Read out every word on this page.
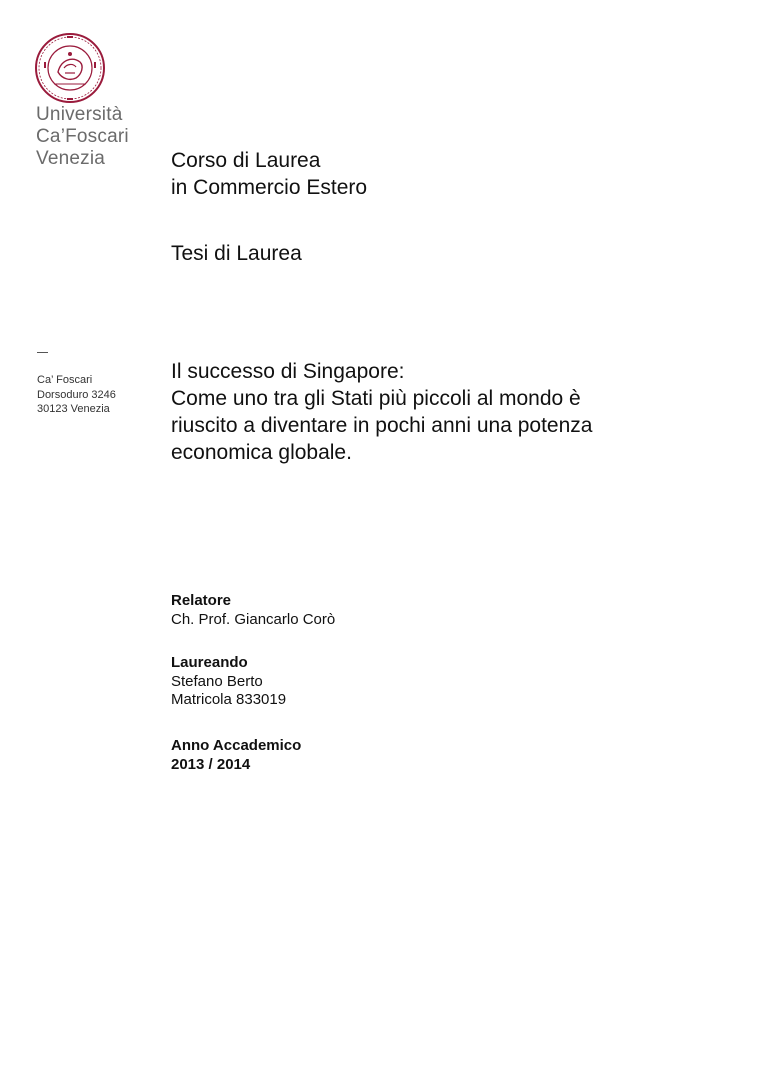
Università
Ca’Foscari
Venezia
Ca’ Foscari
Dorsoduro 3246
30123 Venezia
Corso di Laurea
in Commercio Estero
Tesi di Laurea
Il successo di Singapore:
Come uno tra gli Stati più piccoli al mondo è
riuscito a diventare in pochi anni una potenza
economica globale.
Relatore
Ch. Prof. Giancarlo Corò
Laureando
Stefano Berto
Matricola 833019
Anno Accademico
2013 / 2014
